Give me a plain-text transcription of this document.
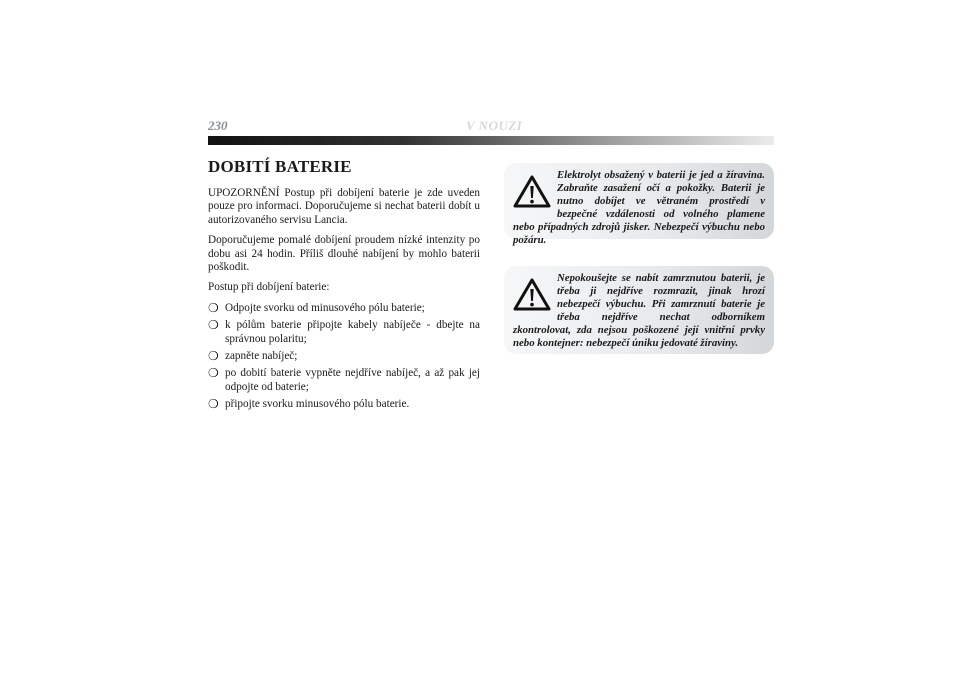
230	V NOUZI
DOBITÍ BATERIE

UPOZORNĚNÍ Postup při dobíjení baterie je zde uveden pouze pro informaci. Doporučujeme si nechat baterii dobít u autorizovaného servisu Lancia.

Doporučujeme pomalé dobíjení proudem nízké intenzity po dobu asi 24 hodin. Příliš dlouhé nabíjení by mohlo baterii poškodit.

Postup při dobíjení baterie:

❍ Odpojte svorku od minusového pólu baterie;
❍ k pólům baterie připojte kabely nabíječe - dbejte na správnou polaritu;
❍ zapněte nabíječ;
❍ po dobití baterie vypněte nejdříve nabíječ, a až pak jej odpojte od baterie;
❍ připojte svorku minusového pólu baterie.
Elektrolyt obsažený v baterii je jed a žíravina. Zabraňte zasažení očí a pokožky. Baterii je nutno dobíjet ve větraném prostředí v bezpečné vzdálenosti od volného plamene nebo případných zdrojů jisker. Nebezpečí výbuchu nebo požáru.
Nepokoušejte se nabít zamrznutou baterii, je třeba ji nejdříve rozmrazit, jinak hrozí nebezpečí výbuchu. Při zamrznutí baterie je třeba nejdříve nechat odborníkem zkontrolovat, zda nejsou poškozené její vnitřní prvky nebo kontejner: nebezpečí úniku jedovaté žíraviny.
